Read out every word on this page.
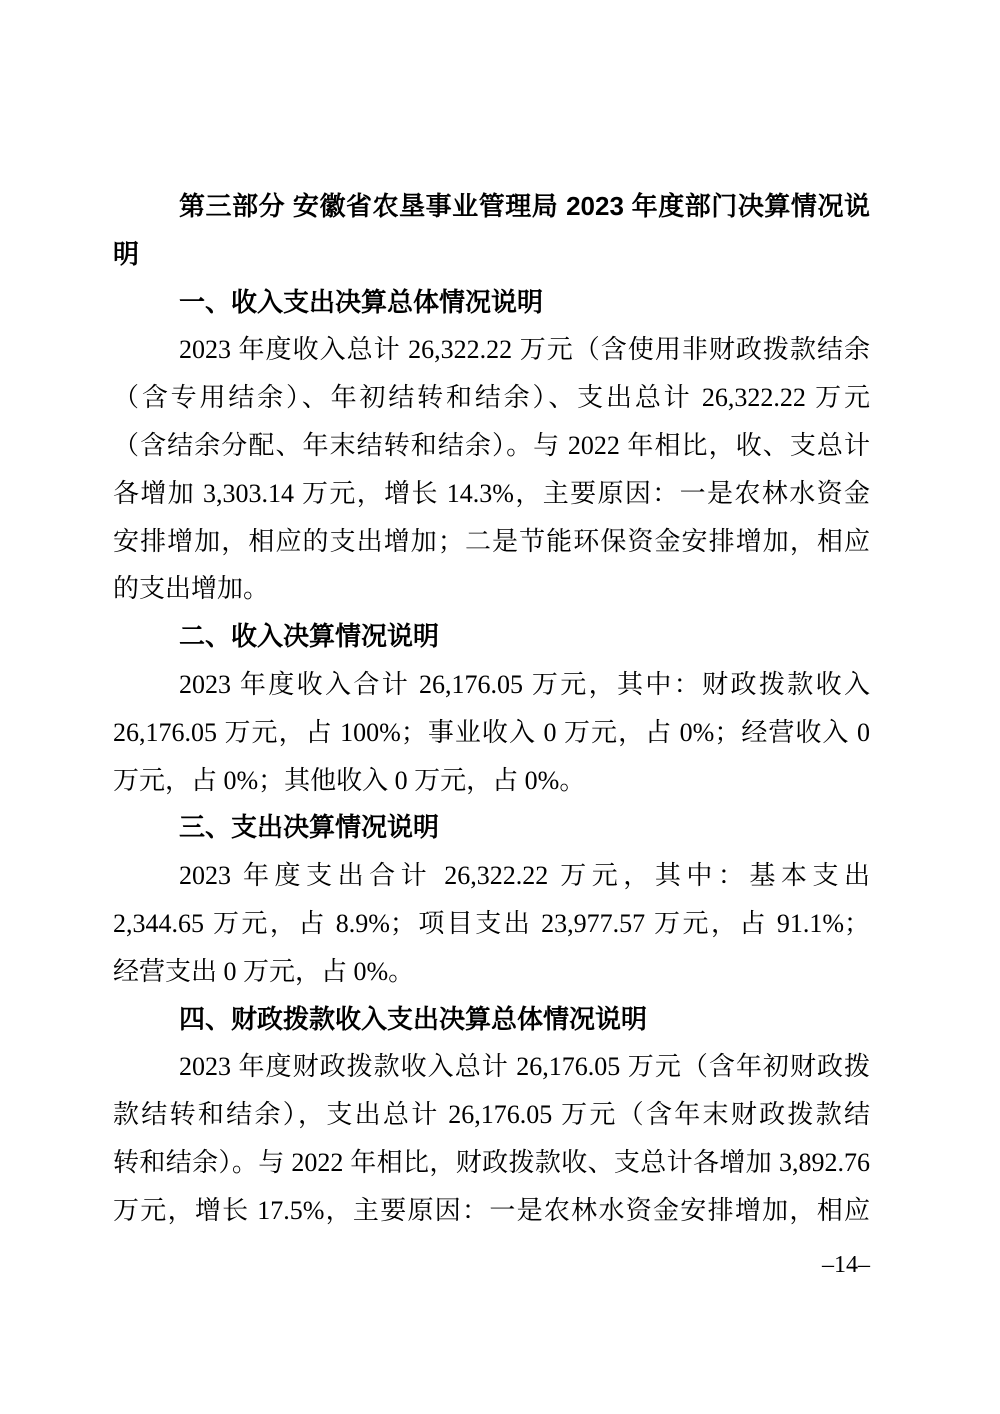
第三部分 安徽省农垦事业管理局 2023 年度部门决算情况说
明
一、收入支出决算总体情况说明
2023 年度收入总计 26,322.22 万元（含使用非财政拨款结余
（含专用结余）、年初结转和结余）、支出总计 26,322.22 万元
（含结余分配、年末结转和结余）。与 2022 年相比，收、支总计
各增加 3,303.14 万元，增长 14.3%，主要原因：一是农林水资金
安排增加，相应的支出增加；二是节能环保资金安排增加，相应
的支出增加。
二、收入决算情况说明
2023 年度收入合计 26,176.05 万元，其中：财政拨款收入
26,176.05 万元，占 100%；事业收入 0 万元，占 0%；经营收入 0
万元，占 0%；其他收入 0 万元，占 0%。
三、支出决算情况说明
2023 年度支出合计 26,322.22 万元，其中：基本支出
2,344.65 万元，占 8.9%；项目支出 23,977.57 万元，占 91.1%；
经营支出 0 万元，占 0%。
四、财政拨款收入支出决算总体情况说明
2023 年度财政拨款收入总计 26,176.05 万元（含年初财政拨
款结转和结余），支出总计 26,176.05 万元（含年末财政拨款结
转和结余）。与 2022 年相比，财政拨款收、支总计各增加 3,892.76
万元，增长 17.5%，主要原因：一是农林水资金安排增加，相应
–14–
